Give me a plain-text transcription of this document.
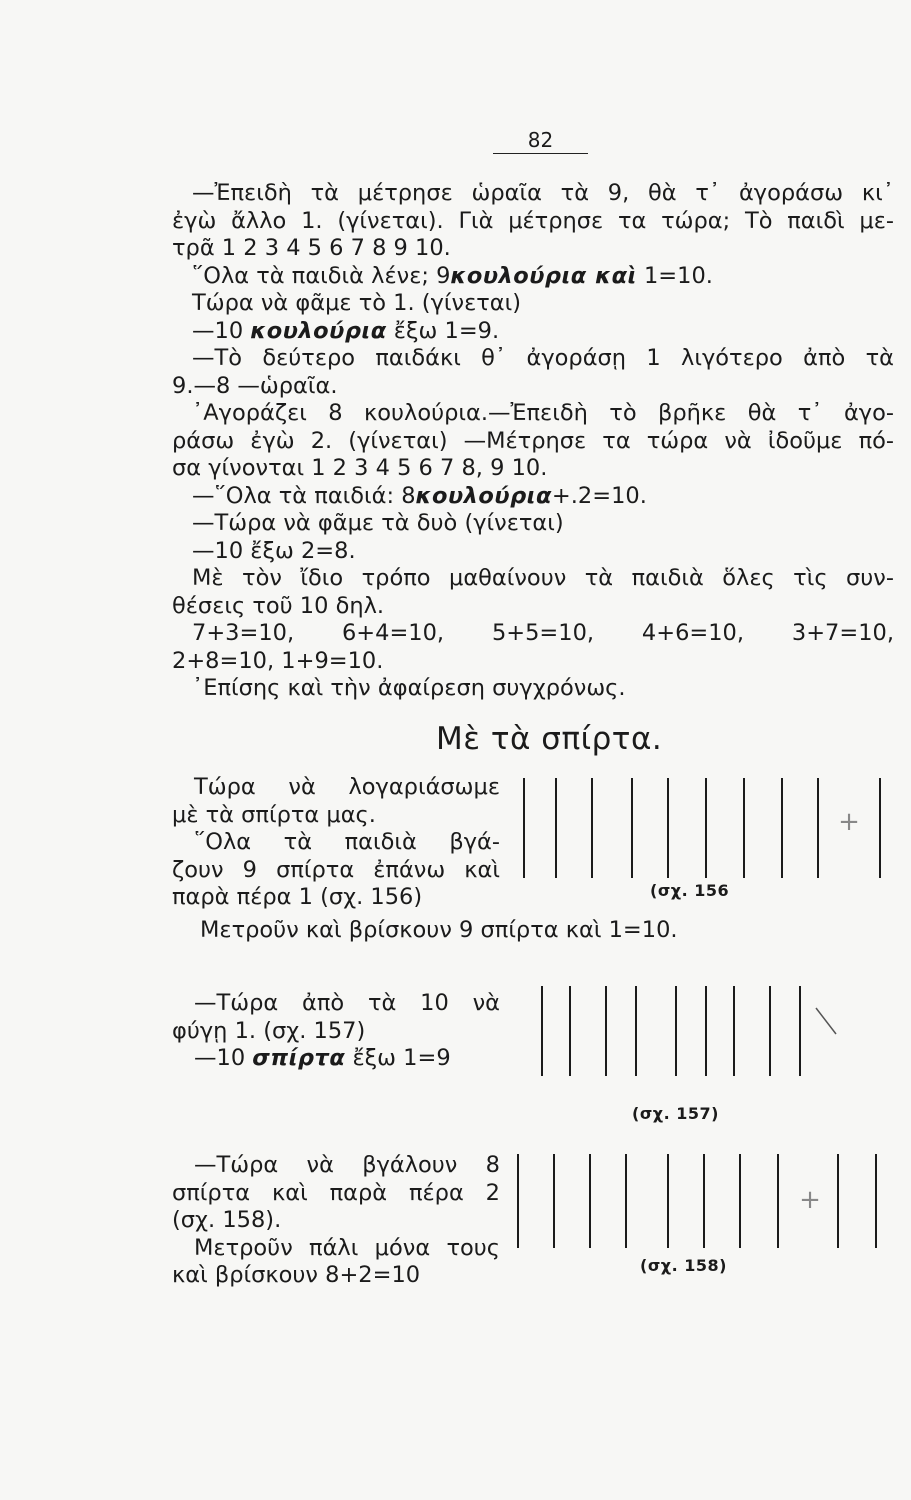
82

—Ἐπειδὴ τὰ μέτρησε ὡραῖα τὰ 9, θὰ τ᾽ ἀγοράσω κι᾽

ἐγὼ ἄλλο 1. (γίνεται). Γιὰ μέτρησε τα τώρα; Τὸ παιδὶ με-

τρᾶ 1 2 3 4 5 6 7 8 9 10.

῞Ολα τὰ παιδιὰ λένε; 9κουλούρια καὶ 1=10.

Τώρα νὰ φᾶμε τὸ 1. (γίνεται)

—10 κουλούρια ἔξω 1=9.

—Τὸ δεύτερο παιδάκι θ᾽ ἀγοράσῃ 1 λιγότερο ἀπὸ τὰ

9.—8 —ὡραῖα.

᾽Αγοράζει 8 κουλούρια.—Ἐπειδὴ τὸ βρῆκε θὰ τ᾽ ἀγο-

ράσω ἐγὼ 2. (γίνεται) —Μέτρησε τα τώρα νὰ ἰδοῦμε πό-

σα γίνονται 1 2 3 4 5 6 7 8, 9 10.

—῞Ολα τὰ παιδιά: 8κουλούρια+.2=10.

—Τώρα νὰ φᾶμε τὰ δυὸ (γίνεται)

—10 ἔξω 2=8.

Μὲ τὸν ἴδιο τρόπο μαθαίνουν τὰ παιδιὰ ὅλες τὶς συν-

θέσεις τοῦ 10 δηλ.

7+3=10, 6+4=10, 5+5=10, 4+6=10, 3+7=10,

2+8=10, 1+9=10.

᾽Επίσης καὶ τὴν ἀφαίρεση συγχρόνως.

Μὲ τὰ σπίρτα.

Τώρα νὰ λογαριάσωμε

μὲ τὰ σπίρτα μας.

῞Ολα τὰ παιδιὰ βγά-

ζουν 9 σπίρτα ἐπάνω καὶ

παρὰ πέρα 1 (σχ. 156)

Μετροῦν καὶ βρίσκουν 9 σπίρτα καὶ 1=10.

+
(σχ. 156

—Τώρα ἀπὸ τὰ 10 νὰ

φύγῃ 1. (σχ. 157)

—10 σπίρτα ἔξω 1=9

(σχ. 157)

—Τώρα νὰ βγάλουν 8

σπίρτα καὶ παρὰ πέρα 2

(σχ. 158).

Μετροῦν πάλι μόνα τους

καὶ βρίσκουν 8+2=10

+
(σχ. 158)
